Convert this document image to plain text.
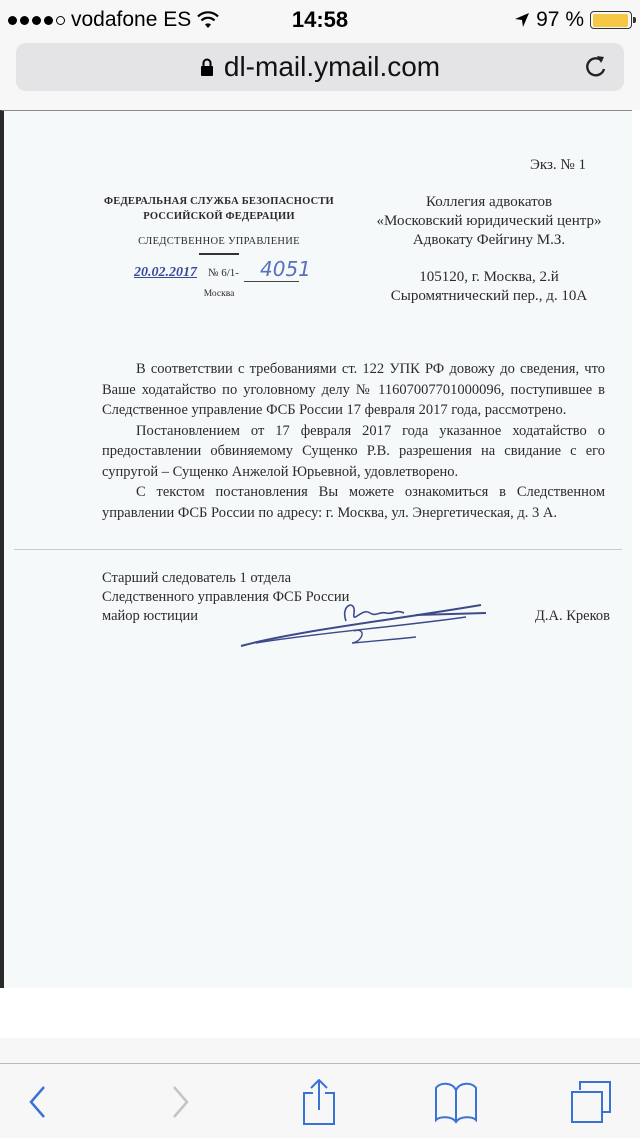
vodafone ES	14:58	97 %
dl-mail.ymail.com
Экз. № 1
ФЕДЕРАЛЬНАЯ СЛУЖБА БЕЗОПАСНОСТИ
РОССИЙСКОЙ ФЕДЕРАЦИИ
СЛЕДСТВЕННОЕ УПРАВЛЕНИЕ
20.02.2017 № 6/1- 4051
Москва
Коллегия адвокатов
«Московский юридический центр»
Адвокату Фейгину М.З.
105120, г. Москва, 2.й
Сыромятнический пер., д. 10А

В соответствии с требованиями ст. 122 УПК РФ довожу до сведения, что Ваше ходатайство по уголовному делу № 11607007701000096, поступившее в Следственное управление ФСБ России 17 февраля 2017 года, рассмотрено.

Постановлением от 17 февраля 2017 года указанное ходатайство о предоставлении обвиняемому Сущенко Р.В. разрешения на свидание с его супругой – Сущенко Анжелой Юрьевной, удовлетворено.

С текстом постановления Вы можете ознакомиться в Следственном управлении ФСБ России по адресу: г. Москва, ул. Энергетическая, д. 3 А.

Старший следователь 1 отдела
Следственного управления ФСБ России
майор юстиции	Д.А. Креков
